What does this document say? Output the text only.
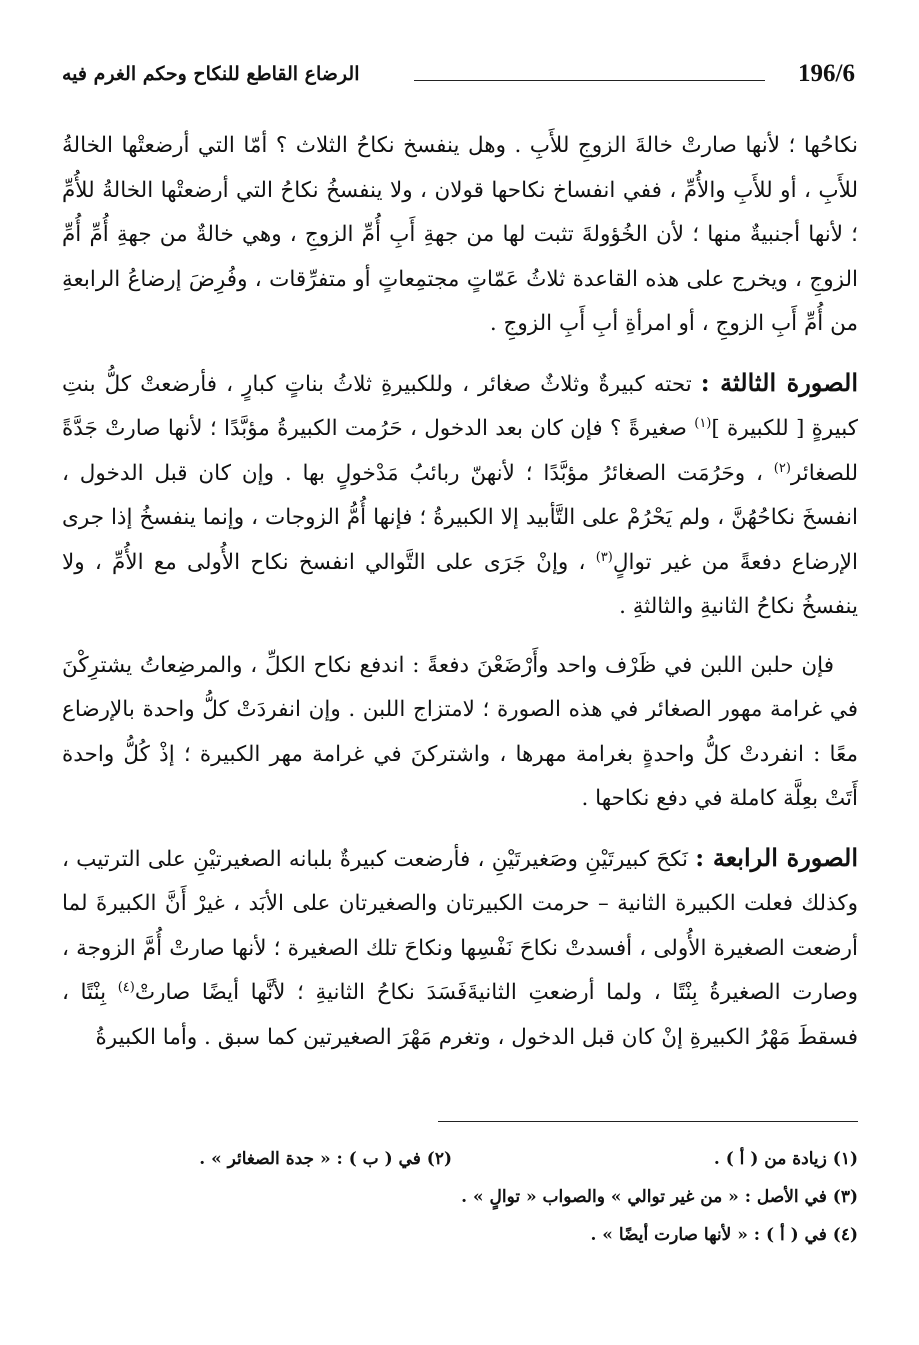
196/6
الرضاع القاطع للنكاح وحكم الغرم فيه

نكاحُها ؛ لأنها صارتْ خالةَ الزوجِ للأَبِ . وهل ينفسخ نكاحُ الثلاث ؟ أمّا التي أرضعتْها الخالةُ للأَبِ ، أو للأَبِ والأُمِّ ، ففي انفساخ نكاحها قولان ، ولا ينفسخُ نكاحُ التي أرضعتْها الخالةُ للأُمِّ ؛ لأنها أجنبيةٌ منها ؛ لأن الخُؤولةَ تثبت لها من جهةِ أَبِ أُمِّ الزوجِ ، وهي خالةٌ من جهةِ أُمِّ أُمِّ الزوجِ ، ويخرج على هذه القاعدة ثلاثُ عَمّاتٍ مجتمِعاتٍ أو متفرِّقات ، وفُرِضَ إرضاعُ الرابعةِ من أُمِّ أَبِ الزوجِ ، أو امرأةِ أبِ أَبِ الزوجِ .

الصورة الثالثة : تحته كبيرةٌ وثلاثٌ صغائر ، وللكبيرةِ ثلاثُ بناتٍ كبارٍ ، فأرضعتْ كلُّ بنتِ كبيرةٍ [ للكبيرة ]$^{(١)}$ صغيرةً ؟ فإن كان بعد الدخول ، حَرُمت الكبيرةُ مؤبَّدًا ؛ لأنها صارتْ جَدَّةً للصغائر$^{(٢)}$ ، وحَرُمَت الصغائرُ مؤبَّدًا ؛ لأنهنّ ربائبُ مَدْخولٍ بها . وإن كان قبل الدخول ، انفسخَ نكاحُهُنَّ ، ولم يَحْرُمْ على التَّأبيد إلا الكبيرةُ ؛ فإنها أُمُّ الزوجات ، وإنما ينفسخُ إذا جرى الإرضاع دفعةً من غير توالٍ$^{(٣)}$ ، وإنْ جَرَى على التَّوالي انفسخ نكاح الأُولى مع الأُمِّ ، ولا ينفسخُ نكاحُ الثانيةِ والثالثةِ .

فإن حلبن اللبن في ظَرْف واحد وأَرْضَعْنَ دفعةً : اندفع نكاح الكلِّ ، والمرضِعاتُ يشترِكْنَ في غرامة مهور الصغائر في هذه الصورة ؛ لامتزاج اللبن . وإن انفردَتْ كلُّ واحدة بالإرضاع معًا : انفردتْ كلُّ واحدةٍ بغرامة مهرها ، واشتركنَ في غرامة مهر الكبيرة ؛ إذْ كُلُّ واحدة أَتَتْ بعِلَّة كاملة في دفع نكاحها .

الصورة الرابعة : نَكحَ كبيرتَيْنِ وصَغيرتَيْنِ ، فأرضعت كبيرةٌ بلبانه الصغيرتيْنِ على الترتيب ، وكذلك فعلت الكبيرة الثانية – حرمت الكبيرتان والصغيرتان على الأبَد ، غيرْ أَنَّ الكبيرةَ لما أرضعت الصغيرة الأُولى ، أفسدتْ نكاحَ نَفْسِها ونكاحَ تلك الصغيرة ؛ لأنها صارتْ أُمَّ الزوجة ، وصارت الصغيرةُ بِنْتًا ، ولما أرضعتِ الثانيةَفَسَدَ نكاحُ الثانيةِ ؛ لأنَّها أيضًا صارتْ$^{(٤)}$ بِنْتًا ، فسقطَ مَهْرُ الكبيرةِ إنْ كان قبل الدخول ، وتغرم مَهْرَ الصغيرتين كما سبق . وأما الكبيرةُ

(١) زيادة من ( أ ) .
(٢) في ( ب ) : « جدة الصغائر » .
(٣) في الأصل : « من غير توالي » والصواب « توالٍ » .
(٤) في ( أ ) : « لأنها صارت أيضًا » .
